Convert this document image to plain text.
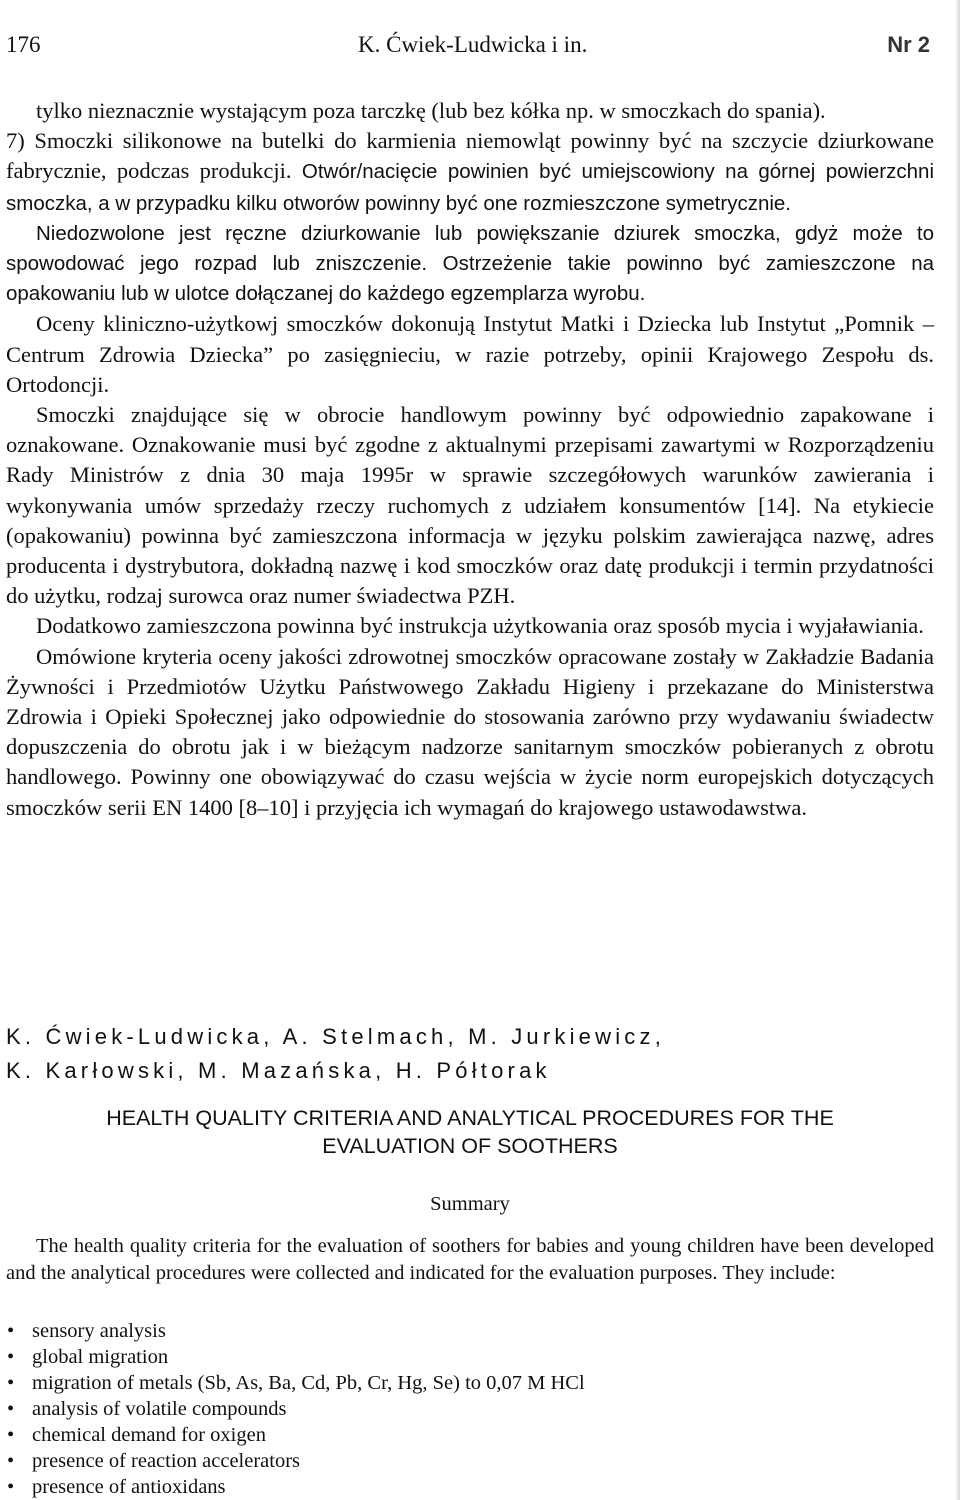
176	K. Ćwiek-Ludwicka i in.	Nr 2

tylko nieznacznie wystającym poza tarczkę (lub bez kółka np. w smoczkach do spania).

7) Smoczki silikonowe na butelki do karmienia niemowląt powinny być na szczycie dziurkowane fabrycznie, podczas produkcji. Otwór/nacięcie powinien być umiejscowiony na górnej powierzchni smoczka, a w przypadku kilku otworów powinny być one rozmieszczone symetrycznie.

Niedozwolone jest ręczne dziurkowanie lub powiększanie dziurek smoczka, gdyż może to spowodować jego rozpad lub zniszczenie. Ostrzeżenie takie powinno być zamieszczone na opakowaniu lub w ulotce dołączanej do każdego egzemplarza wyrobu.

Oceny kliniczno-użytkowj smoczków dokonują Instytut Matki i Dziecka lub Instytut „Pomnik – Centrum Zdrowia Dziecka” po zasięgnieciu, w razie potrzeby, opinii Krajowego Zespołu ds. Ortodoncji.

Smoczki znajdujące się w obrocie handlowym powinny być odpowiednio zapakowane i oznakowane. Oznakowanie musi być zgodne z aktualnymi przepisami zawartymi w Rozporządzeniu Rady Ministrów z dnia 30 maja 1995r w sprawie szczegółowych warunków zawierania i wykonywania umów sprzedaży rzeczy ruchomych z udziałem konsumentów [14]. Na etykiecie (opakowaniu) powinna być zamieszczona informacja w języku polskim zawierająca nazwę, adres producenta i dystrybutora, dokładną nazwę i kod smoczków oraz datę produkcji i termin przydatności do użytku, rodzaj surowca oraz numer świadectwa PZH.

Dodatkowo zamieszczona powinna być instrukcja użytkowania oraz sposób mycia i wyjaławiania.

Omówione kryteria oceny jakości zdrowotnej smoczków opracowane zostały w Zakładzie Badania Żywności i Przedmiotów Użytku Państwowego Zakładu Higieny i przekazane do Ministerstwa Zdrowia i Opieki Społecznej jako odpowiednie do stosowania zarówno przy wydawaniu świadectw dopuszczenia do obrotu jak i w bieżącym nadzorze sanitarnym smoczków pobieranych z obrotu handlowego. Powinny one obowiązywać do czasu wejścia w życie norm europejskich dotyczących smoczków serii EN 1400 [8–10] i przyjęcia ich wymagań do krajowego ustawodawstwa.

K. Ćwiek-Ludwicka, A. Stelmach, M. Jurkiewicz,
K. Karłowski, M. Mazańska, H. Półtorak
HEALTH QUALITY CRITERIA AND ANALYTICAL PROCEDURES FOR THE
EVALUATION OF SOOTHERS
Summary

The health quality criteria for the evaluation of soothers for babies and young children have been developed and the analytical procedures were collected and indicated for the evaluation purposes. They include:

• sensory analysis
• global migration
• migration of metals (Sb, As, Ba, Cd, Pb, Cr, Hg, Se) to 0,07 M HCl
• analysis of volatile compounds
• chemical demand for oxigen
• presence of reaction accelerators
• presence of antioxidans
